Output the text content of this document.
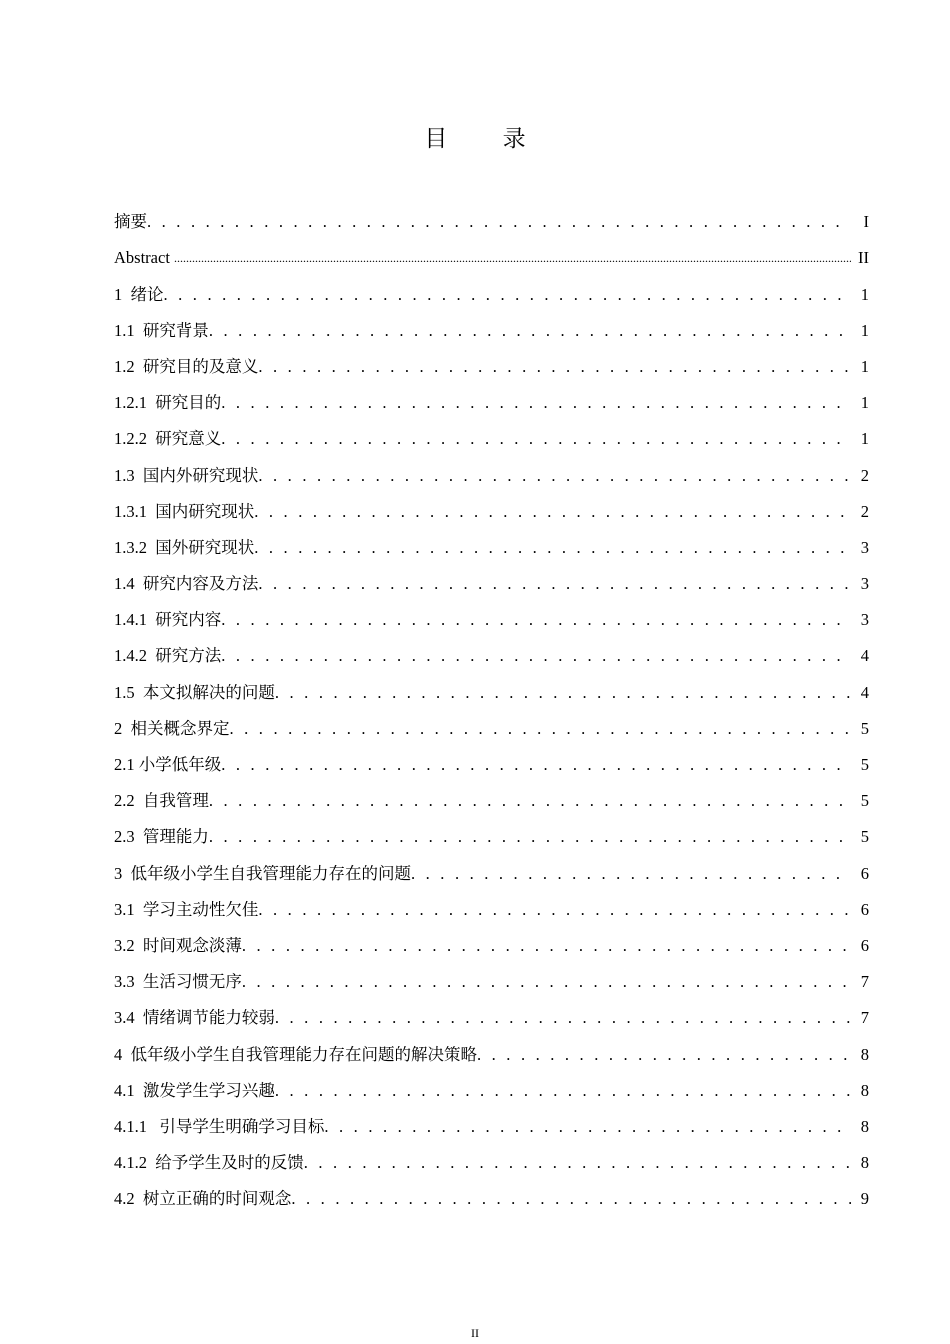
目 录
摘要 . . .	I
Abstract .....	II
1  绪论 . . .	1
1.1  研究背景 . . .	1
1.2  研究目的及意义 . . .	1
1.2.1  研究目的 . . .	1
1.2.2  研究意义 . . .	1
1.3  国内外研究现状 . . .	2
1.3.1  国内研究现状 . . .	2
1.3.2  国外研究现状 . . .	3
1.4  研究内容及方法 . . .	3
1.4.1  研究内容 . . .	3
1.4.2  研究方法 . . .	4
1.5  本文拟解决的问题 . . .	4
2  相关概念界定 . . .	5
2.1 小学低年级 . . .	5
2.2  自我管理 . . .	5
2.3  管理能力 . . .	5
3  低年级小学生自我管理能力存在的问题 . . .	6
3.1  学习主动性欠佳 . . .	6
3.2  时间观念淡薄 . . .	6
3.3  生活习惯无序 . . .	7
3.4  情绪调节能力较弱 . . .	7
4  低年级小学生自我管理能力存在问题的解决策略 . . .	8
4.1  激发学生学习兴趣 . . .	8
4.1.1   引导学生明确学习目标 . . .	8
4.1.2  给予学生及时的反馈 . . .	8
4.2  树立正确的时间观念 . . .	9
II
